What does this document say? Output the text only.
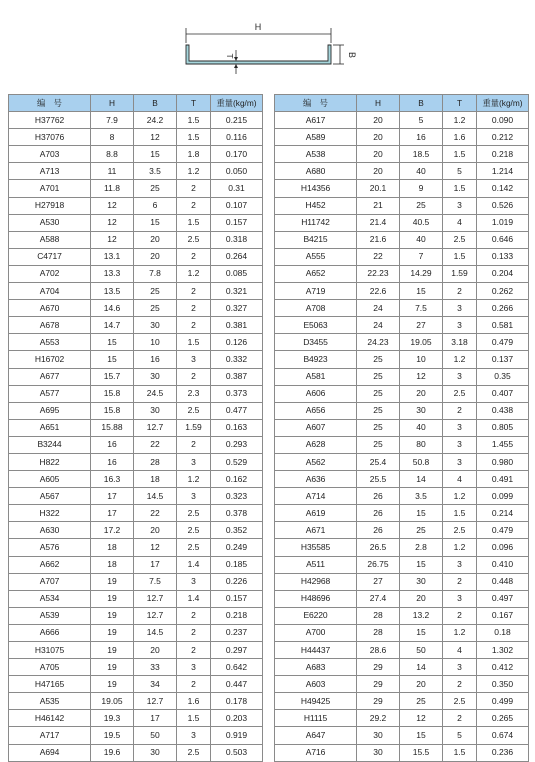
H
B
T
编　号	H	B	T	重量(kg/m)
H37762	7.9	24.2	1.5	0.215
H37076	8	12	1.5	0.116
A703	8.8	15	1.8	0.170
A713	11	3.5	1.2	0.050
A701	11.8	25	2	0.31
H27918	12	6	2	0.107
A530	12	15	1.5	0.157
A588	12	20	2.5	0.318
C4717	13.1	20	2	0.264
A702	13.3	7.8	1.2	0.085
A704	13.5	25	2	0.321
A670	14.6	25	2	0.327
A678	14.7	30	2	0.381
A553	15	10	1.5	0.126
H16702	15	16	3	0.332
A677	15.7	30	2	0.387
A577	15.8	24.5	2.3	0.373
A695	15.8	30	2.5	0.477
A651	15.88	12.7	1.59	0.163
B3244	16	22	2	0.293
H822	16	28	3	0.529
A605	16.3	18	1.2	0.162
A567	17	14.5	3	0.323
H322	17	22	2.5	0.378
A630	17.2	20	2.5	0.352
A576	18	12	2.5	0.249
A662	18	17	1.4	0.185
A707	19	7.5	3	0.226
A534	19	12.7	1.4	0.157
A539	19	12.7	2	0.218
A666	19	14.5	2	0.237
H31075	19	20	2	0.297
A705	19	33	3	0.642
H47165	19	34	2	0.447
A535	19.05	12.7	1.6	0.178
H46142	19.3	17	1.5	0.203
A717	19.5	50	3	0.919
A694	19.6	30	2.5	0.503
编　号	H	B	T	重量(kg/m)
A617	20	5	1.2	0.090
A589	20	16	1.6	0.212
A538	20	18.5	1.5	0.218
A680	20	40	5	1.214
H14356	20.1	9	1.5	0.142
H452	21	25	3	0.526
H11742	21.4	40.5	4	1.019
B4215	21.6	40	2.5	0.646
A555	22	7	1.5	0.133
A652	22.23	14.29	1.59	0.204
A719	22.6	15	2	0.262
A708	24	7.5	3	0.266
E5063	24	27	3	0.581
D3455	24.23	19.05	3.18	0.479
B4923	25	10	1.2	0.137
A581	25	12	3	0.35
A606	25	20	2.5	0.407
A656	25	30	2	0.438
A607	25	40	3	0.805
A628	25	80	3	1.455
A562	25.4	50.8	3	0.980
A636	25.5	14	4	0.491
A714	26	3.5	1.2	0.099
A619	26	15	1.5	0.214
A671	26	25	2.5	0.479
H35585	26.5	2.8	1.2	0.096
A511	26.75	15	3	0.410
H42968	27	30	2	0.448
H48696	27.4	20	3	0.497
E6220	28	13.2	2	0.167
A700	28	15	1.2	0.18
H44437	28.6	50	4	1.302
A683	29	14	3	0.412
A603	29	20	2	0.350
H49425	29	25	2.5	0.499
H1115	29.2	12	2	0.265
A647	30	15	5	0.674
A716	30	15.5	1.5	0.236
